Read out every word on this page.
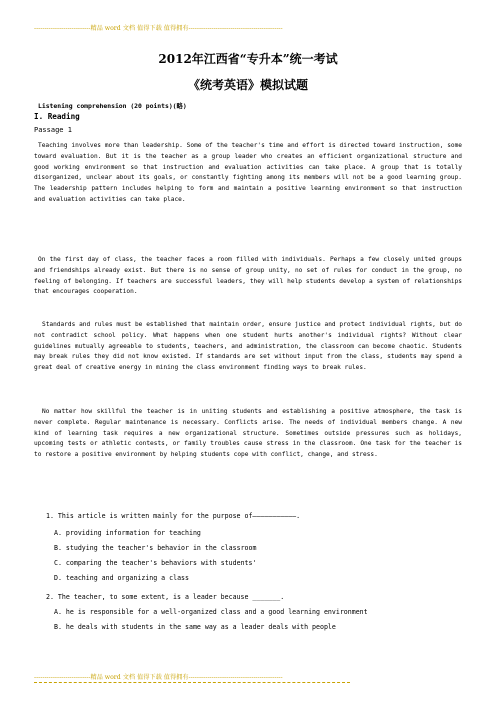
---------------------------精品 word 文档 值得下载 值得拥有---------------------------------------------
2012年江西省“专升本”统一考试
《统考英语》模拟试题
Listening comprehension (20 points)(略)
I. Reading
Passage 1
Teaching involves more than leadership. Some of the teacher's time and effort is directed toward instruction, some toward evaluation. But it is the teacher as a group leader who creates an efficient organizational structure and good working environment so that instruction and evaluation activities can take place. A group that is totally disorganized, unclear about its goals, or constantly fighting among its members will not be a good learning group. The leadership pattern includes helping to form and maintain a positive learning environment so that instruction and evaluation activities can take place.
On the first day of class, the teacher faces a room filled with individuals. Perhaps a few closely united groups and friendships already exist. But there is no sense of group unity, no set of rules for conduct in the group, no feeling of belonging. If teachers are successful leaders, they will help students develop a system of relationships that encourages cooperation.
Standards and rules must be established that maintain order, ensure justice and protect individual rights, but do not contradict school policy. What happens when one student hurts another's individual rights? Without clear guidelines mutually agreeable to students, teachers, and administration, the classroom can become chaotic. Students may break rules they did not know existed. If standards are set without input from the class, students may spend a great deal of creative energy in mining the class environment finding ways to break rules.
No matter how skillful the teacher is in uniting students and establishing a positive atmosphere, the task is never complete. Regular maintenance is necessary. Conflicts arise. The needs of individual members change. A new kind of learning task requires a new organizational structure. Sometimes outside pressures such as holidays, upcoming tests or athletic contests, or family troubles cause stress in the classroom. One task for the teacher is to restore a positive environment by helping students cope with conflict, change, and stress.
1. This article is written mainly for the purpose of―――――――――――.
A. providing information for teaching
B. studying the teacher's behavior in the classroom
C. comparing the teacher's behaviors with students'
D. teaching and organizing a class
2. The teacher, to some extent, is a leader because _______.
A. he is responsible for a well-organized class and a good learning environment
B. he deals with students in the same way as a leader deals with people
---------------------------精品 word 文档 值得下载 值得拥有---------------------------------------------
